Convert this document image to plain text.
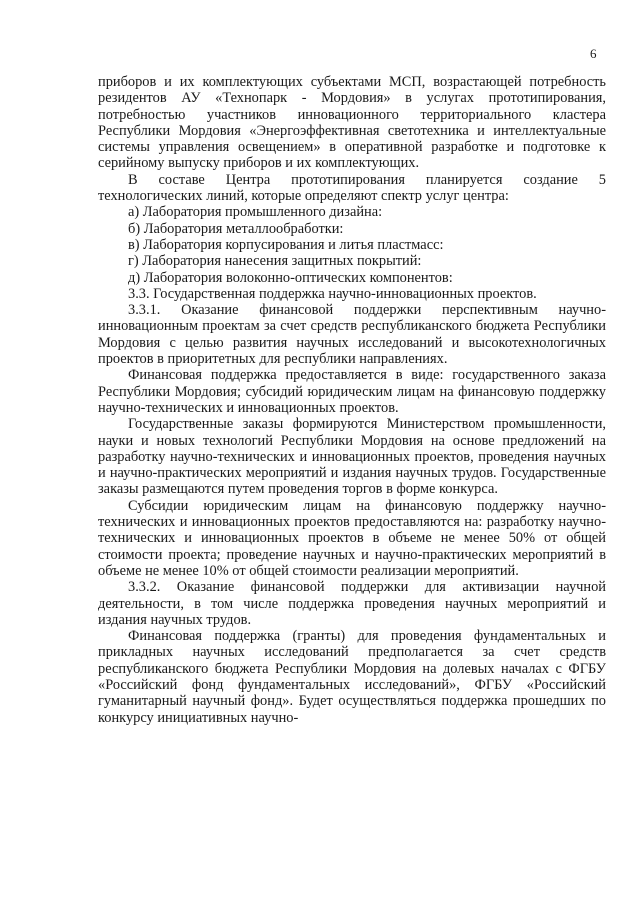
6

приборов и их комплектующих субъектами МСП, возрастающей потребность резидентов АУ «Технопарк - Мордовия» в услугах прототипирования, потребностью участников инновационного территориального кластера Республики Мордовия «Энергоэффективная светотехника и интеллектуальные системы управления освещением» в оперативной разработке и подготовке к серийному выпуску приборов и их комплектующих.

В составе Центра прототипирования планируется создание 5 технологических линий, которые определяют спектр услуг центра:

а) Лаборатория промышленного дизайна:

б) Лаборатория металлообработки:

в) Лаборатория корпусирования и литья пластмасс:

г) Лаборатория нанесения защитных покрытий:

д) Лаборатория волоконно-оптических компонентов:

3.3. Государственная поддержка научно-инновационных проектов.

3.3.1. Оказание финансовой поддержки перспективным научно-инновационным проектам за счет средств республиканского бюджета Республики Мордовия с целью развития научных исследований и высокотехнологичных проектов в приоритетных для республики направлениях.

Финансовая поддержка предоставляется в виде: государственного заказа Республики Мордовия; субсидий юридическим лицам на финансовую поддержку научно-технических и инновационных проектов.

Государственные заказы формируются Министерством промышленности, науки и новых технологий Республики Мордовия на основе предложений на разработку научно-технических и инновационных проектов, проведения научных и научно-практических мероприятий и издания научных трудов. Государственные заказы размещаются путем проведения торгов в форме конкурса.

Субсидии юридическим лицам на финансовую поддержку научно-технических и инновационных проектов предоставляются на: разработку научно-технических и инновационных проектов в объеме не менее 50% от общей стоимости проекта; проведение научных и научно-практических мероприятий в объеме не менее 10% от общей стоимости реализации мероприятий.

3.3.2. Оказание финансовой поддержки для активизации научной деятельности, в том числе поддержка проведения научных мероприятий и издания научных трудов.

Финансовая поддержка (гранты) для проведения фундаментальных и прикладных научных исследований предполагается за счет средств республиканского бюджета Республики Мордовия на долевых началах с ФГБУ «Российский фонд фундаментальных исследований», ФГБУ «Российский гуманитарный научный фонд». Будет осуществляться поддержка прошедших по конкурсу инициативных научно-
